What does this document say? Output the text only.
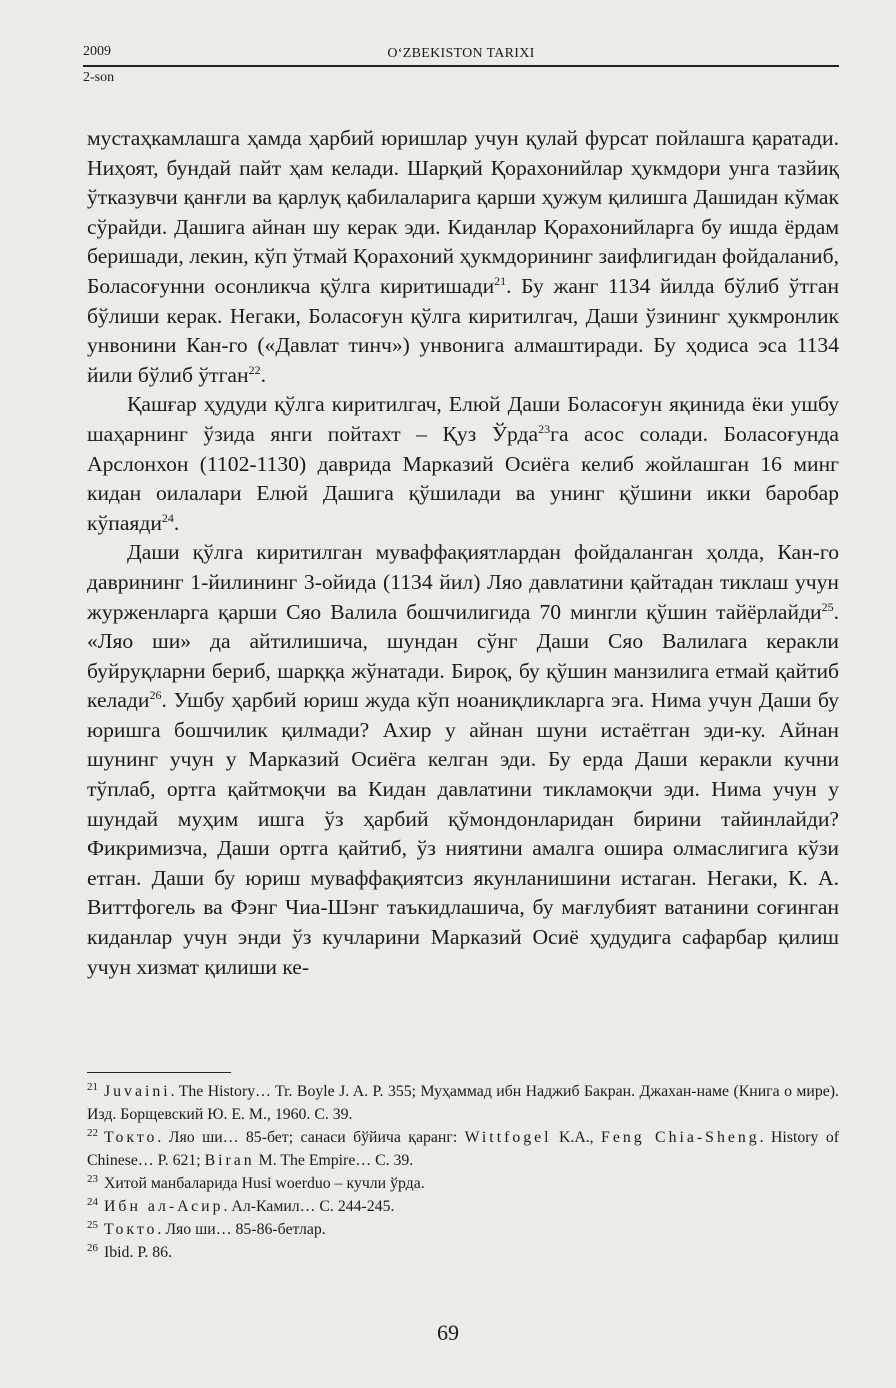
2009	O‘ZBEKISTON TARIXI
2-son

мустаҳкамлашга ҳамда ҳарбий юришлар учун қулай фурсат пойлашга қаратади. Ниҳоят, бундай пайт ҳам келади. Шарқий Қорахонийлар ҳукмдори унга тазйиқ ўтказувчи қанғли ва қарлуқ қабилаларига қарши ҳужум қилишга Дашидан кўмак сўрайди. Дашига айнан шу керак эди. Киданлар Қорахонийларга бу ишда ёрдам беришади, лекин, кўп ўтмай Қорахоний ҳукмдорининг заифлигидан фойдаланиб, Боласоғунни осонликча қўлга киритишади$^{21}$. Бу жанг 1134 йилда бўлиб ўтган бўлиши керак. Негаки, Боласоғун қўлга киритилгач, Даши ўзининг ҳукмронлик унвонини Кан-го («Давлат тинч») унвонига алмаштиради. Бу ҳодиса эса 1134 йили бўлиб ўтган$^{22}$.

Қашғар ҳудуди қўлга киритилгач, Елюй Даши Боласоғун яқинида ёки ушбу шаҳарнинг ўзида янги пойтахт – Қуз Ўрда$^{23}$га асос солади. Боласоғунда Арслонхон (1102-1130) даврида Марказий Осиёга келиб жойлашган 16 минг кидан оилалари Елюй Дашига қўшилади ва унинг қўшини икки баробар кўпаяди$^{24}$.

Даши қўлга киритилган муваффақиятлардан фойдаланган ҳолда, Кан-го даврининг 1-йилининг 3-ойида (1134 йил) Ляо давлатини қайтадан тиклаш учун журженларга қарши Сяо Валила бошчилигида 70 мингли қўшин тайёрлайди$^{25}$. «Ляо ши» да айтилишича, шундан сўнг Даши Сяо Валилага керакли буйруқларни бериб, шарққа жўнатади. Бироқ, бу қўшин манзилига етмай қайтиб келади$^{26}$. Ушбу ҳарбий юриш жуда кўп ноаниқликларга эга. Нима учун Даши бу юришга бошчилик қилмади? Ахир у айнан шуни истаётган эди-ку. Айнан шунинг учун у Марказий Осиёга келган эди. Бу ерда Даши керакли кучни тўплаб, ортга қайтмоқчи ва Кидан давлатини тикламоқчи эди. Нима учун у шундай муҳим ишга ўз ҳарбий қўмондонларидан бирини тайинлайди? Фикримизча, Даши ортга қайтиб, ўз ниятини амалга ошира олмаслигига кўзи етган. Даши бу юриш муваффақиятсиз якунланишини истаган. Негаки, К. А. Виттфогель ва Фэнг Чиа-Шэнг таъкидлашича, бу мағлубият ватанини соғинган киданлар учун энди ўз кучларини Марказий Осиё ҳудудига сафарбар қилиш учун хизмат қилиши ке-

$^{21}$ Juvaini. The History… Tr. Boyle J. A. P. 355; Муҳаммад ибн Наджиб Бакран. Джахан-наме (Книга о мире). Изд. Борщевский Ю. Е. М., 1960. С. 39.

$^{22}$ Токто. Ляо ши… 85-бет; санаси бўйича қаранг: Wittfogel K.A., Feng Chia-Sheng. History of Chinese… P. 621; Biran M. The Empire… С. 39.

$^{23}$ Хитой манбаларида Husi woerduo – кучли ўрда.

$^{24}$ Ибн ал-Асир. Ал-Камил… С. 244-245.

$^{25}$ Токто. Ляо ши… 85-86-бетлар.

$^{26}$ Ibid. P. 86.

69
